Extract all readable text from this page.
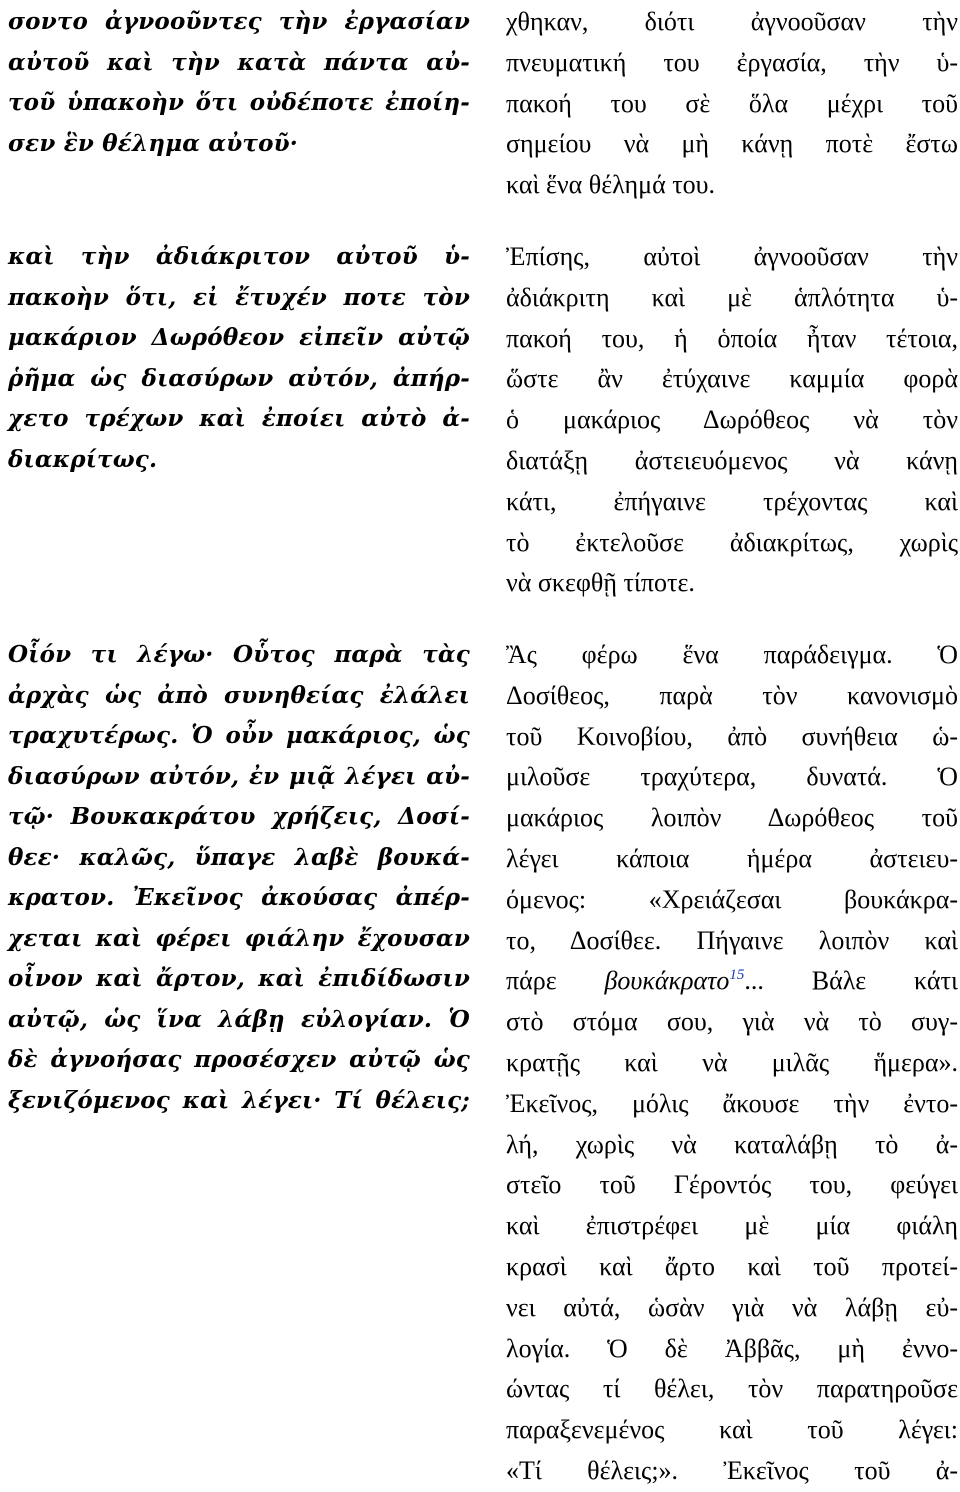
σοντο ἀγνοοῦντες τὴν ἐργασίαν
αὐτοῦ καὶ τὴν κατὰ πάντα αὐ-
τοῦ ὑπακοὴν ὅτι οὐδέποτε ἐποίη-
σεν ἓν θέλημα αὐτοῦ·
καὶ τὴν ἀδιάκριτον αὐτοῦ ὑ-
πακοὴν ὅτι, εἰ ἔτυχέν ποτε τὸν
μακάριον Δωρόθεον εἰπεῖν αὐτῷ
ῥῆμα ὡς διασύρων αὐτόν, ἀπήρ-
χετο τρέχων καὶ ἐποίει αὐτὸ ἀ-
διακρίτως.
Οἷόν τι λέγω· Οὗτος παρὰ τὰς
ἀρχὰς ὡς ἀπὸ συνηθείας ἐλάλει
τραχυτέρως. Ὁ οὖν μακάριος, ὡς
διασύρων αὐτόν, ἐν μιᾷ λέγει αὐ-
τῷ· Βουκακράτου χρήζεις, Δοσί-
θεε· καλῶς, ὕπαγε λαβὲ βουκά-
κρατον. Ἐκεῖνος ἀκούσας ἀπέρ-
χεται καὶ φέρει φιάλην ἔχουσαν
οἶνον καὶ ἄρτον, καὶ ἐπιδίδωσιν
αὐτῷ, ὡς ἵνα λάβῃ εὐλογίαν. Ὁ
δὲ ἀγνοήσας προσέσχεν αὐτῷ ὡς
ξενιζόμενος καὶ λέγει· Τί θέλεις;
χθηκαν, διότι ἀγνοοῦσαν τὴν
πνευματική του ἐργασία, τὴν ὑ-
πακοή του σὲ ὅλα μέχρι τοῦ
σημείου νὰ μὴ κάνῃ ποτὲ ἔστω
καὶ ἕνα θέλημά του.
Ἐπίσης, αὐτοὶ ἀγνοοῦσαν τὴν
ἀδιάκριτη καὶ μὲ ἁπλότητα ὑ-
πακοή του, ἡ ὁποία ἦταν τέτοια,
ὥστε ἂν ἐτύχαινε καμμία φορὰ
ὁ μακάριος Δωρόθεος νὰ τὸν
διατάξῃ ἀστειευόμενος νὰ κάνῃ
κάτι, ἐπήγαινε τρέχοντας καὶ
τὸ ἐκτελοῦσε ἀδιακρίτως, χωρὶς
νὰ σκεφθῇ τίποτε.
Ἂς φέρω ἕνα παράδειγμα. Ὁ
Δοσίθεος, παρὰ τὸν κανονισμὸ
τοῦ Κοινοβίου, ἀπὸ συνήθεια ὡ-
μιλοῦσε τραχύτερα, δυνατά. Ὁ
μακάριος λοιπὸν Δωρόθεος τοῦ
λέγει κάποια ἡμέρα ἀστειευ-
όμενος: «Χρειάζεσαι βουκάκρα-
το, Δοσίθεε. Πήγαινε λοιπὸν καὶ
πάρε βουκάκρατο$^{15}$... Βάλε κάτι
στὸ στόμα σου, γιὰ νὰ τὸ συγ-
κρατῇς καὶ νὰ μιλᾶς ἥμερα».
Ἐκεῖνος, μόλις ἄκουσε τὴν ἐντο-
λή, χωρὶς νὰ καταλάβῃ τὸ ἀ-
στεῖο τοῦ Γέροντός του, φεύγει
καὶ ἐπιστρέφει μὲ μία φιάλη
κρασὶ καὶ ἄρτο καὶ τοῦ προτεί-
νει αὐτά, ὡσὰν γιὰ νὰ λάβῃ εὐ-
λογία. Ὁ δὲ Ἀββᾶς, μὴ ἐννο-
ώντας τί θέλει, τὸν παρατηροῦσε
παραξενεμένος καὶ τοῦ λέγει:
«Τί θέλεις;». Ἐκεῖνος τοῦ ἀ-
